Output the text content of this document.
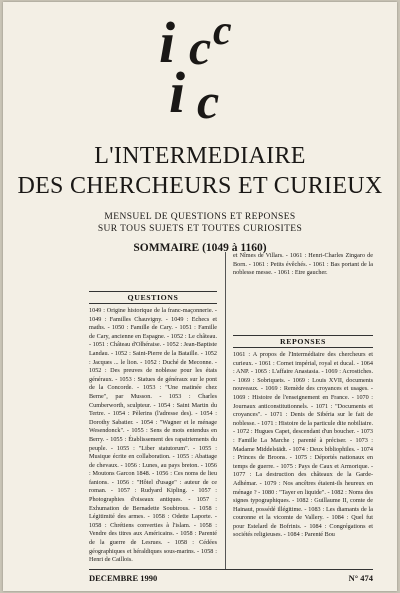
i c c
i c
L'INTERMEDIAIRE
DES CHERCHEURS ET CURIEUX
MENSUEL DE QUESTIONS ET REPONSES
SUR TOUS SUJETS ET TOUTES CURIOSITES
SOMMAIRE (1049 à 1160)
QUESTIONS
1049 : Origine historique de la franc-maçonnerie. - 1049 : Familles Chauvigny. - 1049 : Echecs et maths. - 1050 : Famille de Cary. - 1051 : Famille de Cary, ancienne en Espagne. - 1052 : Le château. - 1051 : Château d'Olhéraise. - 1052 : Jean-Baptiste Landau. - 1052 : Saint-Pierre de la Bataille. - 1052 : Jacques ... le lion. - 1052 : Duché de Meconne. - 1052 : Des preuves de noblesse pour les états généraux. - 1053 : Statues de généraux sur le pont de la Concorde. - 1053 : "Une matinée chez Berne", par Musson. - 1053 : Charles Cumberworth, sculpteur. - 1054 : Saint Martin du Tertre. - 1054 : Pèlerins (l'adresse des). - 1054 : Dorothy Sabatier. - 1054 : "Wagner et le ménage Wesendonck". - 1055 : Sens de mots entendus en Berry. - 1055 : Établissement des rapatriements du peuple. - 1055 : "Liber statutorum". - 1055 : Musique écrite en collaboration. - 1055 : Abattage de chevaux. - 1056 : Lunes, au pays breton. - 1056 : Moutons Garcon 1848. - 1056 : Ces noms de lieu fanions. - 1056 : "Hôtel d'usage" : auteur de ce roman. - 1057 : Rudyard Kipling. - 1057 : Photographies d'oiseaux antiques. - 1057 : Exhumation de Bernadette Soubirous. - 1058 : Légitimité des armes. - 1058 : Odette Laporte. - 1058 : Chrétiens converties à l'islam. - 1058 : Vendre des titres aux Américains. - 1058 : Parenté de la guerre de Lesrues. - 1058 : Cédées géographiques et héraldiques sous-marins. - 1058 : Henri de Caillois.
et Nîmes de Villars. - 1061 : Henri-Charles Zingaro de Born. - 1061 : Petits évêchés. - 1061 : Bas portant de la noblesse messe. - 1061 : Etre gaucher.
REPONSES
1061 : A propos de l'Intermédiaire des chercheurs et curieux. - 1061 : Cornet impérial, royal et ducal. - 1064 : ANP. - 1065 : L'affaire Anastasia. - 1069 : Acrostiches. - 1069 : Sobriquets. - 1069 : Louis XVII, documents nouveaux. - 1069 : Remède des croyances et usages. - 1069 : Histoire de l'enseignement en France. - 1070 : Journaux anticonstitutionnels. - 1071 : "Documents et croyances". - 1071 : Denis de Sibéria sur le fait de noblesse. - 1071 : Histoire de la particule dite nobiliaire. - 1072 : Hugues Capet, descendant d'un boucher. - 1073 : Famille La Marche ; parenté à préciser. - 1073 : Madame Middelstädt. - 1074 : Deux bibliophiles. - 1074 : Princes de Broons. - 1075 : Déportés nationaux en temps de guerre. - 1075 : Pays de Caux et Armorique. - 1077 : La destruction des châteaux de la Garde-Adhémar. - 1079 : Nos ancêtres étaient-ils heureux en ménage ? - 1080 : "Tayer en liquide". - 1082 : Noms des signes typographiques. - 1082 : Guillaume II, comte de Hainaut, possédé illégitime. - 1083 : Les diamants de la couronne et la vicomte de Vallery. - 1084 : Quel fut pour Estelard de Bofrinis. - 1084 : Congrégations et sociétés religieuses. - 1084 : Parenté Bou
DECEMBRE 1990	N° 474
